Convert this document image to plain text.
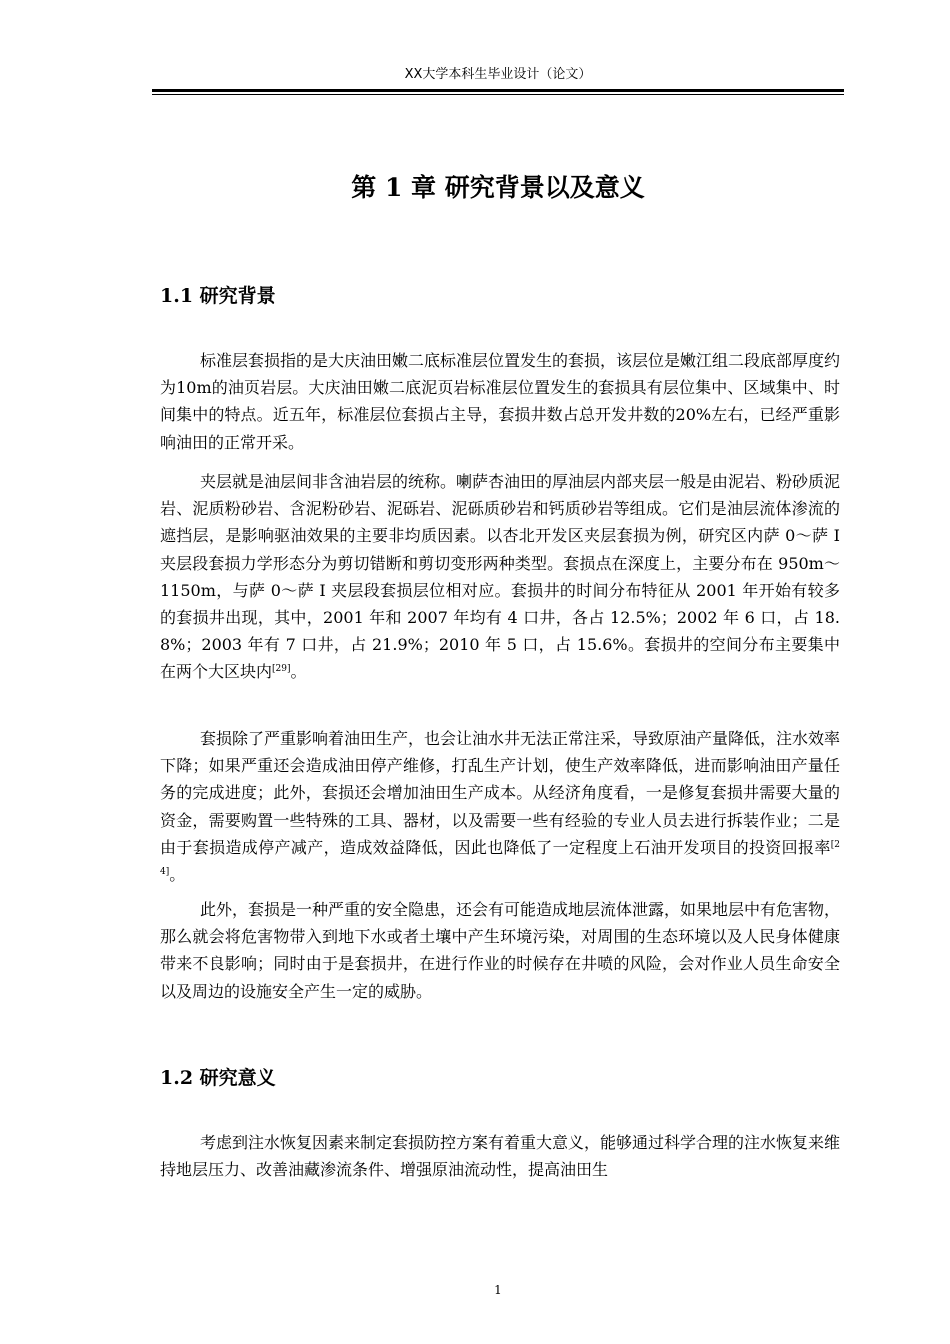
XX大学本科生毕业设计（论文）
第 1 章 研究背景以及意义
1.1 研究背景

标准层套损指的是大庆油田嫩二底标准层位置发生的套损，该层位是嫩江组二段底部厚度约为10m的油页岩层。大庆油田嫩二底泥页岩标准层位置发生的套损具有层位集中、区域集中、时间集中的特点。近五年，标准层位套损占主导，套损井数占总开发井数的20%左右，已经严重影响油田的正常开采。

夹层就是油层间非含油岩层的统称。喇萨杏油田的厚油层内部夹层一般是由泥岩、粉砂质泥岩、泥质粉砂岩、含泥粉砂岩、泥砾岩、泥砾质砂岩和钙质砂岩等组成。它们是油层流体渗流的遮挡层，是影响驱油效果的主要非均质因素。以杏北开发区夹层套损为例，研究区内萨 0～萨 I 夹层段套损力学形态分为剪切错断和剪切变形两种类型。套损点在深度上，主要分布在 950m～1150m，与萨 0～萨 I 夹层段套损层位相对应。套损井的时间分布特征从 2001 年开始有较多的套损井出现，其中，2001 年和 2007 年均有 4 口井，各占 12.5%；2002 年 6 口，占 18.8%；2003 年有 7 口井，占 21.9%；2010 年 5 口，占 15.6%。套损井的空间分布主要集中在两个大区块内[29]。

套损除了严重影响着油田生产，也会让油水井无法正常注采，导致原油产量降低，注水效率下降；如果严重还会造成油田停产维修，打乱生产计划，使生产效率降低，进而影响油田产量任务的完成进度；此外，套损还会增加油田生产成本。从经济角度看，一是修复套损井需要大量的资金，需要购置一些特殊的工具、器材，以及需要一些有经验的专业人员去进行拆装作业；二是由于套损造成停产减产，造成效益降低，因此也降低了一定程度上石油开发项目的投资回报率[24]。

此外，套损是一种严重的安全隐患，还会有可能造成地层流体泄露，如果地层中有危害物，那么就会将危害物带入到地下水或者土壤中产生环境污染，对周围的生态环境以及人民身体健康带来不良影响；同时由于是套损井，在进行作业的时候存在井喷的风险，会对作业人员生命安全以及周边的设施安全产生一定的威胁。

1.2 研究意义

考虑到注水恢复因素来制定套损防控方案有着重大意义，能够通过科学合理的注水恢复来维持地层压力、改善油藏渗流条件、增强原油流动性，提高油田生

1
